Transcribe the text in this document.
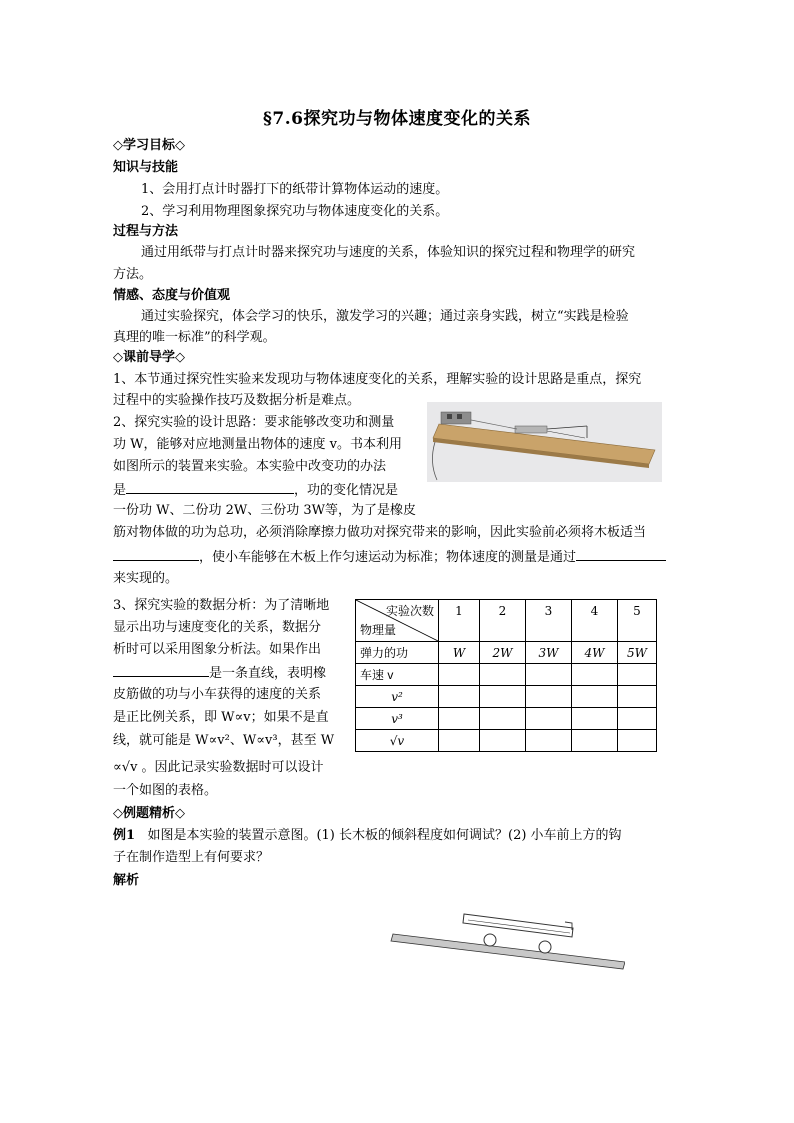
§7.6探究功与物体速度变化的关系
◇学习目标◇
知识与技能
1、会用打点计时器打下的纸带计算物体运动的速度。
2、学习利用物理图象探究功与物体速度变化的关系。
过程与方法
通过用纸带与打点计时器来探究功与速度的关系，体验知识的探究过程和物理学的研究
方法。
情感、态度与价值观
通过实验探究，体会学习的快乐，激发学习的兴趣；通过亲身实践，树立“实践是检验
真理的唯一标准”的科学观。
◇课前导学◇
1、本节通过探究性实验来发现功与物体速度变化的关系，理解实验的设计思路是重点，探究
过程中的实验操作技巧及数据分析是难点。
2、探究实验的设计思路：要求能够改变功和测量
功 W，能够对应地测量出物体的速度 v。书本利用
如图所示的装置来实验。本实验中改变功的办法
是	，功的变化情况是
一份功 W、二份功 2W、三份功 3W等，为了是橡皮
筋对物体做的功为总功，必须消除摩擦力做功对探究带来的影响，因此实验前必须将木板适当
，使小车能够在木板上作匀速运动为标准；物体速度的测量是通过
来实现的。
3、探究实验的数据分析：为了清晰地
显示出功与速度变化的关系，数据分
析时可以采用图象分析法。如果作出
是一条直线，表明橡
皮筋做的功与小车获得的速度的关系
是正比例关系，即 W∝v；如果不是直
线，就可能是 W∝v²、W∝v³，甚至 W
∝√v 。因此记录实验数据时可以设计
一个如图的表格。
实验次数
物理量	1	2	3	4	5
弹力的功	W	2W	3W	4W	5W
车速 v					
v²					
v³					
√v					
◇例题精析◇
例1 如图是本实验的装置示意图。(1) 长木板的倾斜程度如何调试？(2) 小车前上方的钩
子在制作造型上有何要求？
解析
